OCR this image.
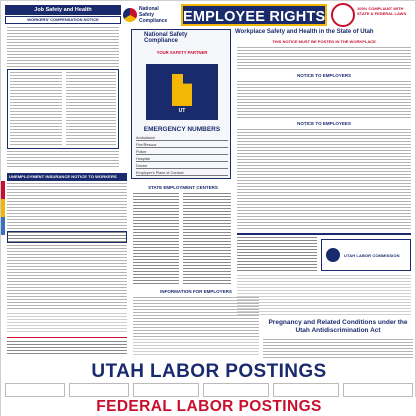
Job Safety and Health
WORKERS' COMPENSATION NOTICE
UNEMPLOYMENT INSURANCE NOTICE TO WORKERS
National
Safety
Compliance EMPLOYEE RIGHTS
100% COMPLIANT WITH STATE & FEDERAL LAWS
National Safety
Compliance
YOUR SAFETY PARTNER
UT
EMERGENCY NUMBERS
Ambulance
Fire/Rescue
Police
Hospital
Doctor
Employer's Place of Contact
STATE EMPLOYMENT CENTERS
INFORMATION FOR EMPLOYERS
Workplace Safety and Health in the State of Utah
THIS NOTICE MUST BE POSTED IN THE WORKPLACE
NOTICE TO EMPLOYERS
NOTICE TO EMPLOYEES
UTAH LABOR COMMISSION
Pregnancy and Related Conditions under the Utah Antidiscrimination Act
UTAH LABOR POSTINGS
FEDERAL LABOR POSTINGS
